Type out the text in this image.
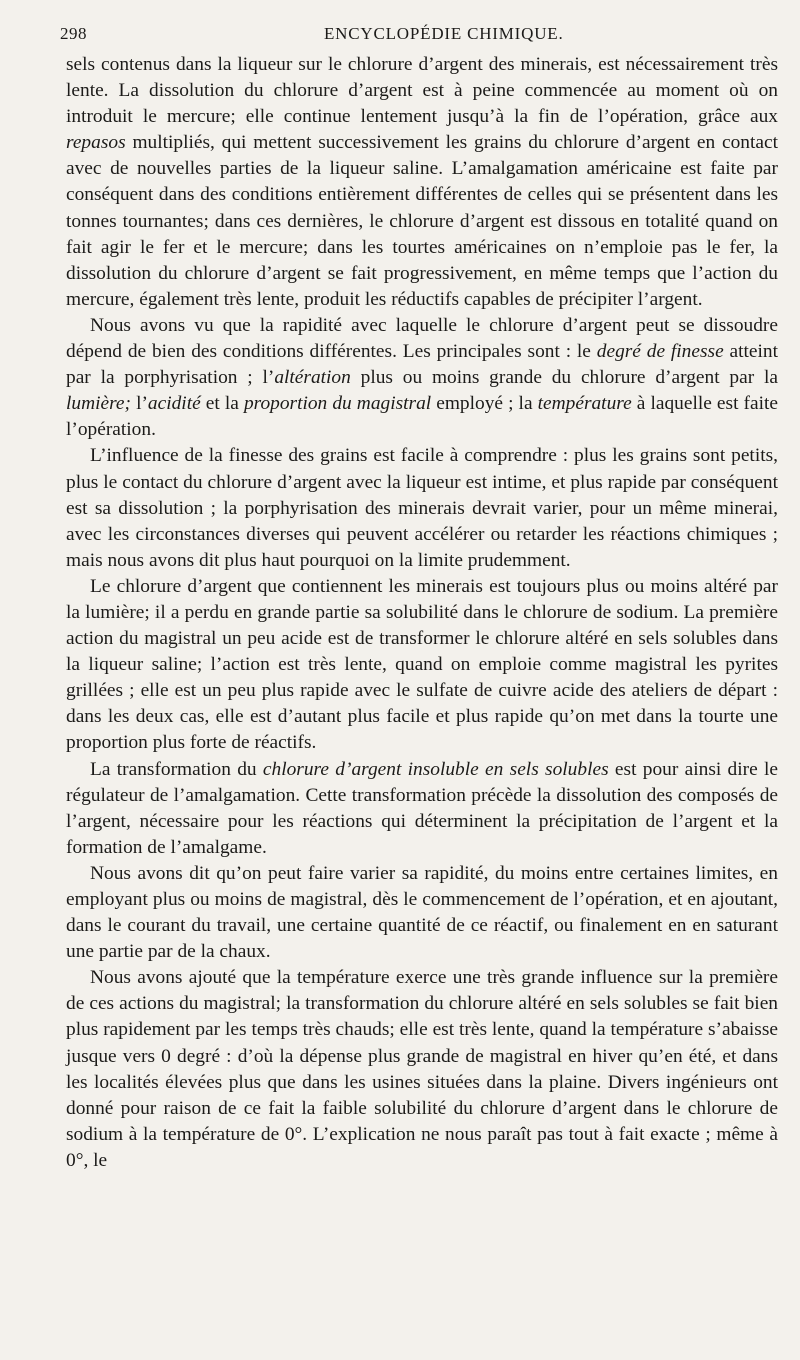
298	ENCYCLOPÉDIE CHIMIQUE.

sels contenus dans la liqueur sur le chlorure d’argent des minerais, est nécessairement très lente. La dissolution du chlorure d’argent est à peine commencée au moment où on introduit le mercure; elle continue lentement jusqu’à la fin de l’opération, grâce aux repasos multipliés, qui mettent successivement les grains du chlorure d’argent en contact avec de nouvelles parties de la liqueur saline. L’amalgamation américaine est faite par conséquent dans des conditions entièrement différentes de celles qui se présentent dans les tonnes tournantes; dans ces dernières, le chlorure d’argent est dissous en totalité quand on fait agir le fer et le mercure; dans les tourtes américaines on n’emploie pas le fer, la dissolution du chlorure d’argent se fait progressivement, en même temps que l’action du mercure, également très lente, produit les réductifs capables de précipiter l’argent.

Nous avons vu que la rapidité avec laquelle le chlorure d’argent peut se dissoudre dépend de bien des conditions différentes. Les principales sont : le degré de finesse atteint par la porphyrisation ; l’altération plus ou moins grande du chlorure d’argent par la lumière; l’acidité et la proportion du magistral employé ; la température à laquelle est faite l’opération.

L’influence de la finesse des grains est facile à comprendre : plus les grains sont petits, plus le contact du chlorure d’argent avec la liqueur est intime, et plus rapide par conséquent est sa dissolution ; la porphyrisation des minerais devrait varier, pour un même minerai, avec les circonstances diverses qui peuvent accélérer ou retarder les réactions chimiques ; mais nous avons dit plus haut pourquoi on la limite prudemment.

Le chlorure d’argent que contiennent les minerais est toujours plus ou moins altéré par la lumière; il a perdu en grande partie sa solubilité dans le chlorure de sodium. La première action du magistral un peu acide est de transformer le chlorure altéré en sels solubles dans la liqueur saline; l’action est très lente, quand on emploie comme magistral les pyrites grillées ; elle est un peu plus rapide avec le sulfate de cuivre acide des ateliers de départ : dans les deux cas, elle est d’autant plus facile et plus rapide qu’on met dans la tourte une proportion plus forte de réactifs.

La transformation du chlorure d’argent insoluble en sels solubles est pour ainsi dire le régulateur de l’amalgamation. Cette transformation précède la dissolution des composés de l’argent, nécessaire pour les réactions qui déterminent la précipitation de l’argent et la formation de l’amalgame.

Nous avons dit qu’on peut faire varier sa rapidité, du moins entre certaines limites, en employant plus ou moins de magistral, dès le commencement de l’opération, et en ajoutant, dans le courant du travail, une certaine quantité de ce réactif, ou finalement en en saturant une partie par de la chaux.

Nous avons ajouté que la température exerce une très grande influence sur la première de ces actions du magistral; la transformation du chlorure altéré en sels solubles se fait bien plus rapidement par les temps très chauds; elle est très lente, quand la température s’abaisse jusque vers 0 degré : d’où la dépense plus grande de magistral en hiver qu’en été, et dans les localités élevées plus que dans les usines situées dans la plaine. Divers ingénieurs ont donné pour raison de ce fait la faible solubilité du chlorure d’argent dans le chlorure de sodium à la température de 0°. L’explication ne nous paraît pas tout à fait exacte ; même à 0°, le
